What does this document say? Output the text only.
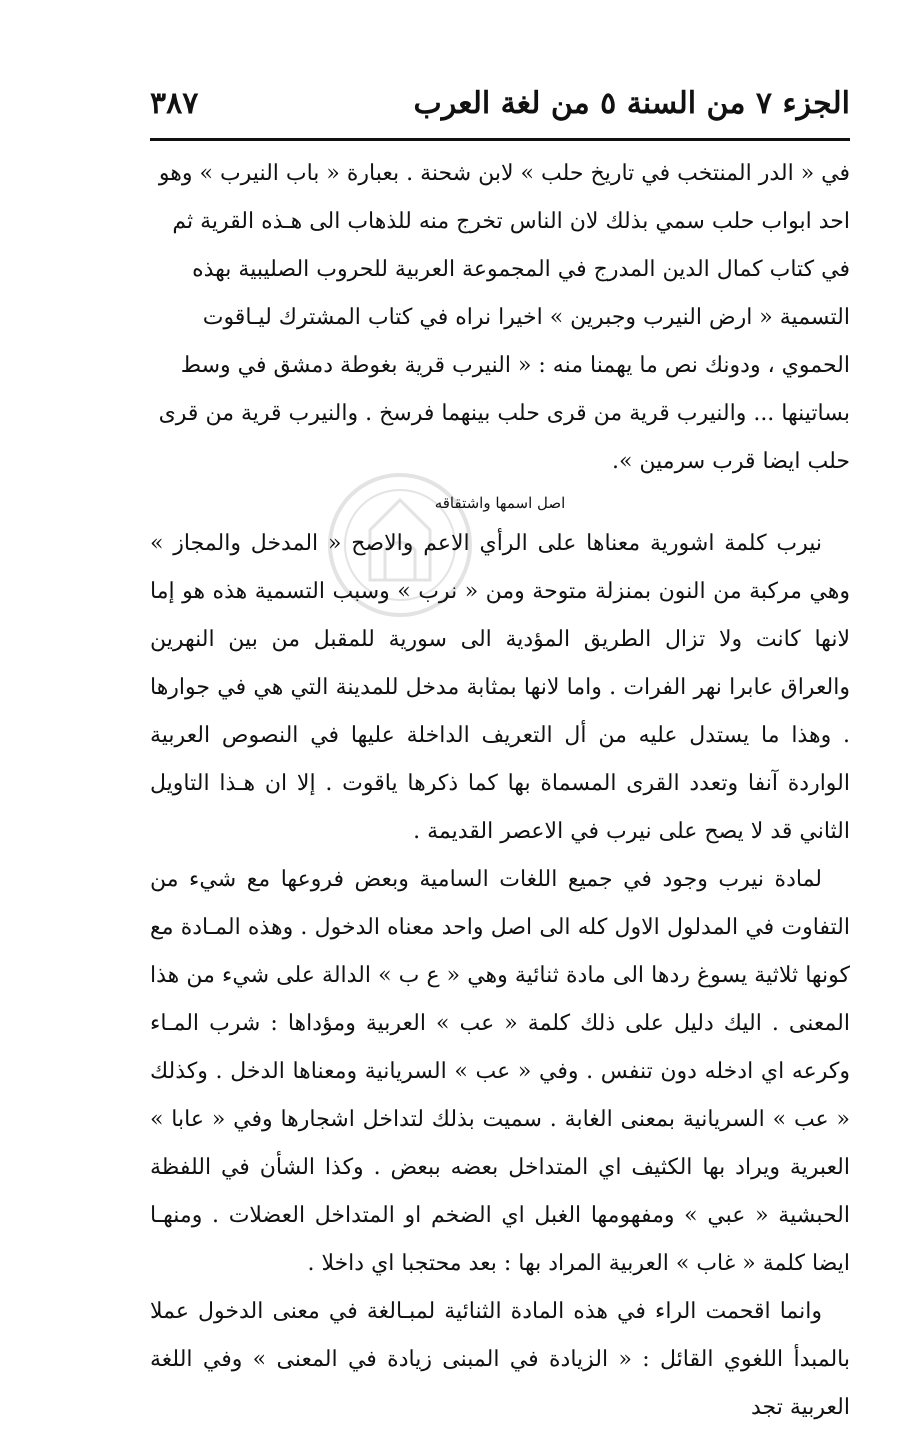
الجزء ٧ من السنة ٥ من لغة العرب
٣٨٧

في « الدر المنتخب في تاريخ حلب » لابن شحنة . بعبارة « باب النيرب » وهو احد ابواب حلب سمي بذلك لان الناس تخرج منه للذهاب الى هـذه القرية ثم في كتاب كمال الدين المدرج في المجموعة العربية للحروب الصليبية بهذه التسمية « ارض النيرب وجبرين » اخيرا نراه في كتاب المشترك ليـاقوت الحموي ، ودونك نص ما يهمنا منه : « النيرب قرية بغوطة دمشق في وسط بساتينها ... والنيرب قرية من قرى حلب بينهما فرسخ . والنيرب قرية من قرى حلب ايضا قرب سرمين ».

اصل اسمها واشتقاقه

نيرب كلمة اشورية معناها على الرأي الاعم والاصح « المدخل والمجاز » وهي مركبة من النون بمنزلة متوحة ومن « نرب » وسبب التسمية هذه هو إما لانها كانت ولا تزال الطريق المؤدية الى سورية للمقبل من بين النهرين والعراق عابرا نهر الفرات . واما لانها بمثابة مدخل للمدينة التي هي في جوارها . وهذا ما يستدل عليه من أل التعريف الداخلة عليها في النصوص العربية الواردة آنفا وتعدد القرى المسماة بها كما ذكرها ياقوت . إلا ان هـذا التاويل الثاني قد لا يصح على نيرب في الاعصر القديمة .

لمادة نيرب وجود في جميع اللغات السامية وبعض فروعها مع شيء من التفاوت في المدلول الاول كله الى اصل واحد معناه الدخول . وهذه المـادة مع كونها ثلاثية يسوغ ردها الى مادة ثنائية وهي « ع ب » الدالة على شيء من هذا المعنى . اليك دليل على ذلك كلمة « عب » العربية ومؤداها : شرب المـاء وكرعه اي ادخله دون تنفس . وفي « عب » السريانية ومعناها الدخل . وكذلك « عب » السريانية بمعنى الغابة . سميت بذلك لتداخل اشجارها وفي « عابا » العبرية ويراد بها الكثيف اي المتداخل بعضه ببعض . وكذا الشأن في اللفظة الحبشية « عبي » ومفهومها الغبل اي الضخم او المتداخل العضلات . ومنهـا ايضا كلمة « غاب » العربية المراد بها : بعد محتجبا اي داخلا .

وانما اقحمت الراء في هذه المادة الثنائية لمبـالغة في معنى الدخول عملا بالمبدأ اللغوي القائل : « الزيادة في المبنى زيادة في المعنى » وفي اللغة العربية تجد
